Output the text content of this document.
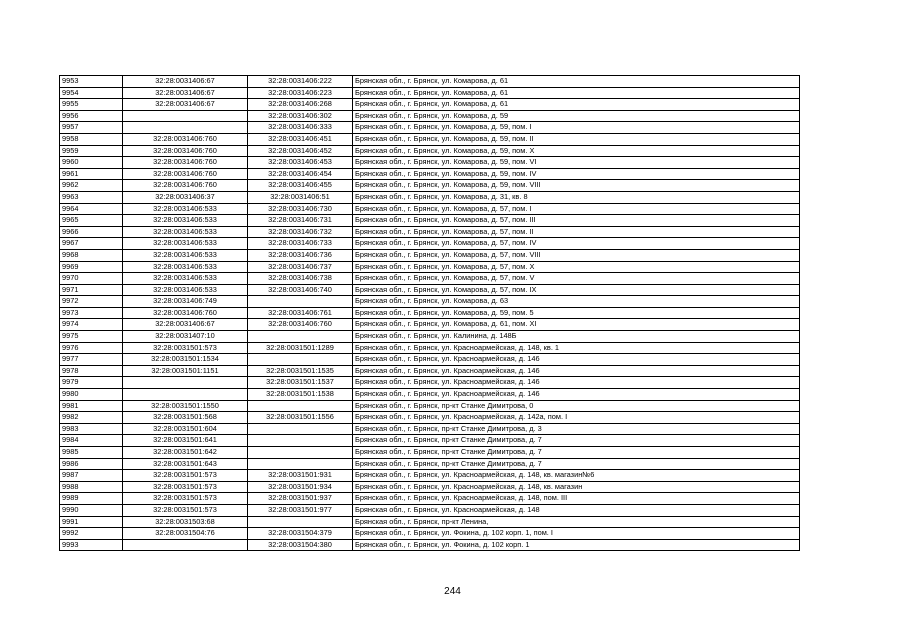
9953	32:28:0031406:67	32:28:0031406:222	Брянская обл., г. Брянск, ул. Комарова, д. 61
9954	32:28:0031406:67	32:28:0031406:223	Брянская обл., г. Брянск, ул. Комарова, д. 61
9955	32:28:0031406:67	32:28:0031406:268	Брянская обл., г. Брянск, ул. Комарова, д. 61
9956		32:28:0031406:302	Брянская обл., г. Брянск, ул. Комарова, д. 59
9957		32:28:0031406:333	Брянская обл., г. Брянск, ул. Комарова, д. 59, пом. I
9958	32:28:0031406:760	32:28:0031406:451	Брянская обл., г. Брянск, ул. Комарова, д. 59, пом. II
9959	32:28:0031406:760	32:28:0031406:452	Брянская обл., г. Брянск, ул. Комарова, д. 59, пом. X
9960	32:28:0031406:760	32:28:0031406:453	Брянская обл., г. Брянск, ул. Комарова, д. 59, пом. VI
9961	32:28:0031406:760	32:28:0031406:454	Брянская обл., г. Брянск, ул. Комарова, д. 59, пом. IV
9962	32:28:0031406:760	32:28:0031406:455	Брянская обл., г. Брянск, ул. Комарова, д. 59, пом. VIII
9963	32:28:0031406:37	32:28:0031406:51	Брянская обл., г. Брянск, ул. Комарова, д. 31, кв. 8
9964	32:28:0031406:533	32:28:0031406:730	Брянская обл., г. Брянск, ул. Комарова, д. 57, пом. I
9965	32:28:0031406:533	32:28:0031406:731	Брянская обл., г. Брянск, ул. Комарова, д. 57, пом. III
9966	32:28:0031406:533	32:28:0031406:732	Брянская обл., г. Брянск, ул. Комарова, д. 57, пом. II
9967	32:28:0031406:533	32:28:0031406:733	Брянская обл., г. Брянск, ул. Комарова, д. 57, пом. IV
9968	32:28:0031406:533	32:28:0031406:736	Брянская обл., г. Брянск, ул. Комарова, д. 57, пом. VIII
9969	32:28:0031406:533	32:28:0031406:737	Брянская обл., г. Брянск, ул. Комарова, д. 57, пом. X
9970	32:28:0031406:533	32:28:0031406:738	Брянская обл., г. Брянск, ул. Комарова, д. 57, пом. V
9971	32:28:0031406:533	32:28:0031406:740	Брянская обл., г. Брянск, ул. Комарова, д. 57, пом. IX
9972	32:28:0031406:749		Брянская обл., г. Брянск, ул. Комарова, д. 63
9973	32:28:0031406:760	32:28:0031406:761	Брянская обл., г. Брянск, ул. Комарова, д. 59, пом. 5
9974	32:28:0031406:67	32:28:0031406:760	Брянская обл., г. Брянск, ул. Комарова, д. 61, пом. XI
9975	32:28:0031407:10		Брянская обл., г. Брянск, ул. Калинина, д. 148Б
9976	32:28:0031501:573	32:28:0031501:1289	Брянская обл., г. Брянск, ул. Красноармейская, д. 148, кв. 1
9977	32:28:0031501:1534		Брянская обл., г. Брянск, ул. Красноармейская, д. 146
9978	32:28:0031501:1151	32:28:0031501:1535	Брянская обл., г. Брянск, ул. Красноармейская, д. 146
9979		32:28:0031501:1537	Брянская обл., г. Брянск, ул. Красноармейская, д. 146
9980		32:28:0031501:1538	Брянская обл., г. Брянск, ул. Красноармейская, д. 146
9981	32:28:0031501:1550		Брянская обл., г. Брянск, пр-кт Станке Димитрова, 0
9982	32:28:0031501:568	32:28:0031501:1556	Брянская обл., г. Брянск, ул. Красноармейская, д. 142а, пом. I
9983	32:28:0031501:604		Брянская обл., г. Брянск, пр-кт Станке Димитрова, д. 3
9984	32:28:0031501:641		Брянская обл., г. Брянск, пр-кт Станке Димитрова, д. 7
9985	32:28:0031501:642		Брянская обл., г. Брянск, пр-кт Станке Димитрова, д. 7
9986	32:28:0031501:643		Брянская обл., г. Брянск, пр-кт Станке Димитрова, д. 7
9987	32:28:0031501:573	32:28:0031501:931	Брянская обл., г. Брянск, ул. Красноармейская, д. 148, кв. магазин№6
9988	32:28:0031501:573	32:28:0031501:934	Брянская обл., г. Брянск, ул. Красноармейская, д. 148, кв. магазин
9989	32:28:0031501:573	32:28:0031501:937	Брянская обл., г. Брянск, ул. Красноармейская, д. 148, пом. III
9990	32:28:0031501:573	32:28:0031501:977	Брянская обл., г. Брянск, ул. Красноармейская, д. 148
9991	32:28:0031503:68		Брянская обл., г. Брянск, пр-кт Ленина,
9992	32:28:0031504:76	32:28:0031504:379	Брянская обл., г. Брянск, ул. Фокина, д. 102 корп. 1, пом. I
9993		32:28:0031504:380	Брянская обл., г. Брянск, ул. Фокина, д. 102 корп. 1
244
